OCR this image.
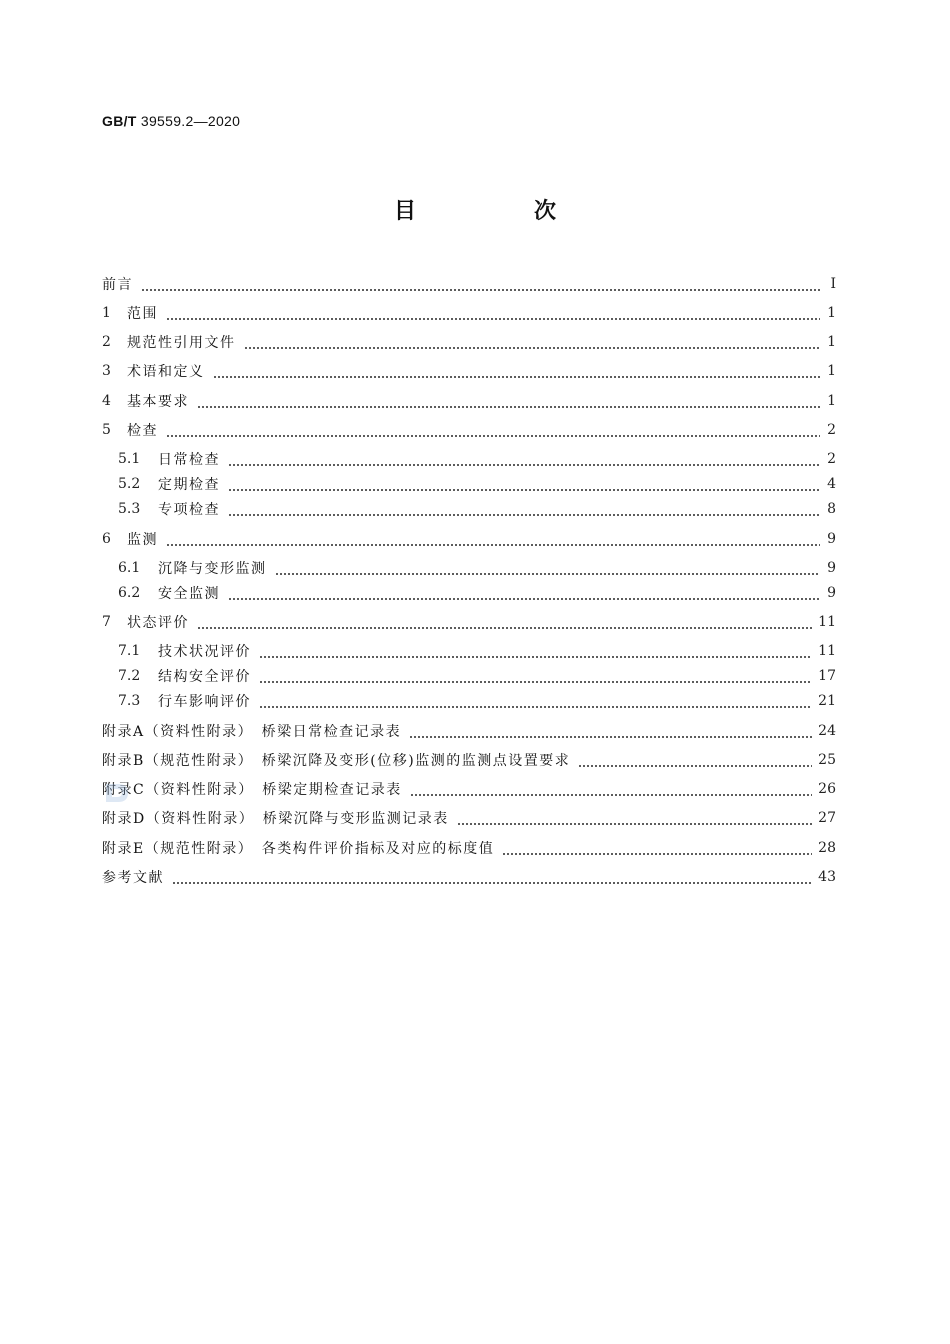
GB/T 39559.2—2020
目　次
前言	Ⅰ
1	范围	1
2	规范性引用文件	1
3	术语和定义	1
4	基本要求	1
5	检查	2
5.1	日常检查	2
5.2	定期检查	4
5.3	专项检查	8
6	监测	9
6.1	沉降与变形监测	9
6.2	安全监测	9
7	状态评价	11
7.1	技术状况评价	11
7.2	结构安全评价	17
7.3	行车影响评价	21
附录A（资料性附录）　桥梁日常检查记录表	24
附录B（规范性附录）　桥梁沉降及变形(位移)监测的监测点设置要求	25
附录C（资料性附录）　桥梁定期检查记录表	26
附录D（资料性附录）　桥梁沉降与变形监测记录表	27
附录E（规范性附录）　各类构件评价指标及对应的标度值	28
参考文献	43
